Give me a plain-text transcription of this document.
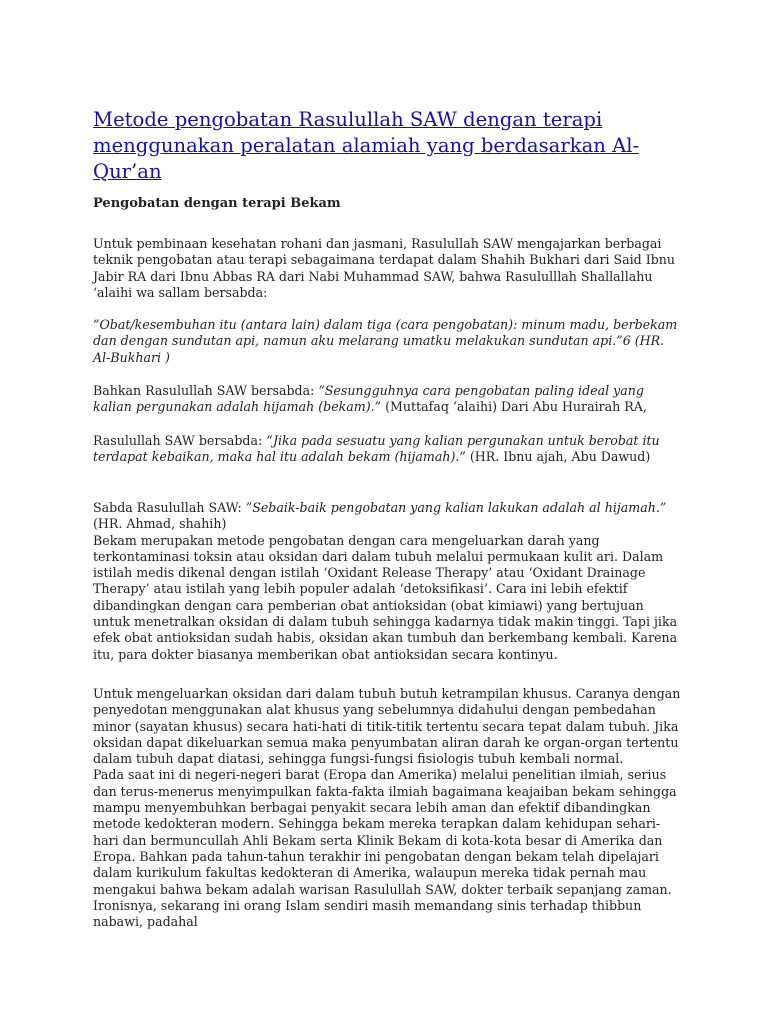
Metode pengobatan Rasulullah SAW dengan terapi menggunakan peralatan alamiah yang berdasarkan Al-Qur’an
Pengobatan dengan terapi Bekam

Untuk pembinaan kesehatan rohani dan jasmani, Rasulullah SAW mengajarkan berbagai teknik pengobatan atau terapi sebagaimana terdapat dalam Shahih Bukhari dari Said Ibnu Jabir RA dari Ibnu Abbas RA dari Nabi Muhammad SAW, bahwa Rasululllah Shallallahu ‘alaihi wa sallam bersabda:

“Obat/kesembuhan itu (antara lain) dalam tiga (cara pengobatan): minum madu, berbekam dan dengan sundutan api, namun aku melarang umatku melakukan sundutan api.”6 (HR. Al-Bukhari )

Bahkan Rasulullah SAW bersabda: “Sesungguhnya cara pengobatan paling ideal yang kalian pergunakan adalah hijamah (bekam).” (Muttafaq ‘alaihi) Dari Abu Hurairah RA,

Rasulullah SAW bersabda: “Jika pada sesuatu yang kalian pergunakan untuk berobat itu terdapat kebaikan, maka hal itu adalah bekam (hijamah).” (HR. Ibnu ajah, Abu Dawud)

Sabda Rasulullah SAW: ”Sebaik-baik pengobatan yang kalian lakukan adalah al hijamah.” (HR. Ahmad, shahih)

Bekam merupakan metode pengobatan dengan cara mengeluarkan darah yang terkontaminasi toksin atau oksidan dari dalam tubuh melalui permukaan kulit ari. Dalam istilah medis dikenal dengan istilah ‘Oxidant Release Therapy’ atau ‘Oxidant Drainage Therapy’ atau istilah yang lebih populer adalah ‘detoksifikasi’. Cara ini lebih efektif dibandingkan dengan cara pemberian obat antioksidan (obat kimiawi) yang bertujuan untuk menetralkan oksidan di dalam tubuh sehingga kadarnya tidak makin tinggi. Tapi jika efek obat antioksidan sudah habis, oksidan akan tumbuh dan berkembang kembali. Karena itu, para dokter biasanya memberikan obat antioksidan secara kontinyu.

Untuk mengeluarkan oksidan dari dalam tubuh butuh ketrampilan khusus. Caranya dengan penyedotan menggunakan alat khusus yang sebelumnya didahului dengan pembedahan minor (sayatan khusus) secara hati-hati di titik-titik tertentu secara tepat dalam tubuh. Jika oksidan dapat dikeluarkan semua maka penyumbatan aliran darah ke organ-organ tertentu dalam tubuh dapat diatasi, sehingga fungsi-fungsi fisiologis tubuh kembali normal.

Pada saat ini di negeri-negeri barat (Eropa dan Amerika) melalui penelitian ilmiah, serius dan terus-menerus menyimpulkan fakta-fakta ilmiah bagaimana keajaiban bekam sehingga mampu menyembuhkan berbagai penyakit secara lebih aman dan efektif dibandingkan metode kedokteran modern. Sehingga bekam mereka terapkan dalam kehidupan sehari-hari dan bermuncullah Ahli Bekam serta Klinik Bekam di kota-kota besar di Amerika dan Eropa. Bahkan pada tahun-tahun terakhir ini pengobatan dengan bekam telah dipelajari dalam kurikulum fakultas kedokteran di Amerika, walaupun mereka tidak pernah mau mengakui bahwa bekam adalah warisan Rasulullah SAW, dokter terbaik sepanjang zaman. Ironisnya, sekarang ini orang Islam sendiri masih memandang sinis terhadap thibbun nabawi, padahal
